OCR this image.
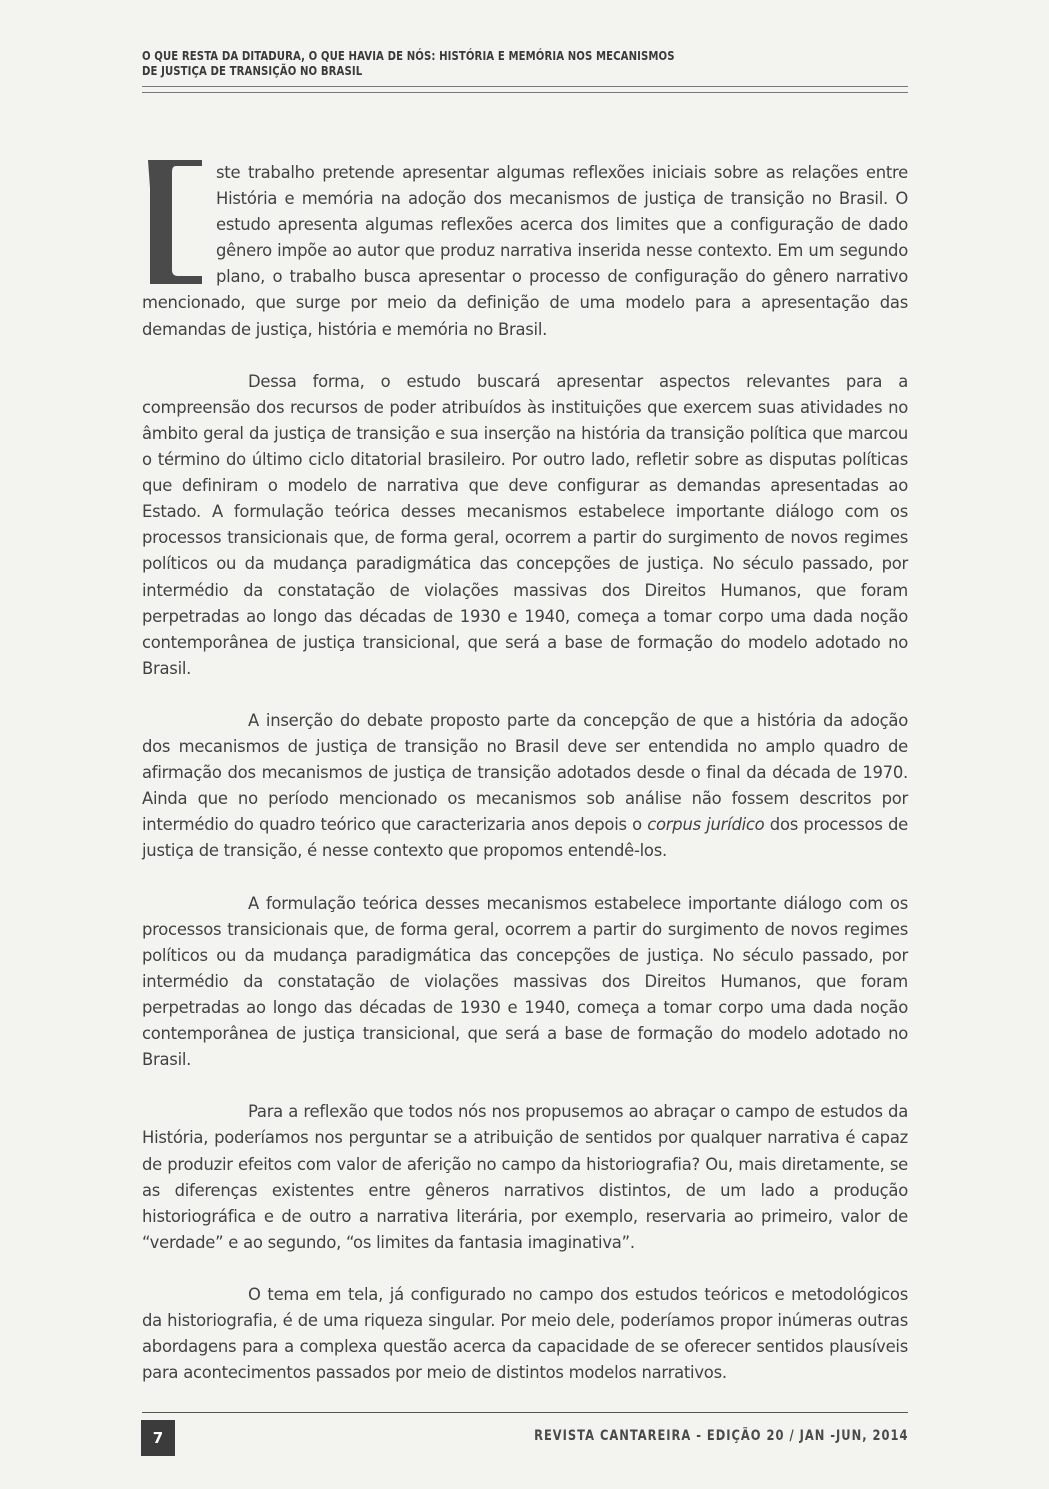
O QUE RESTA DA DITADURA, O QUE HAVIA DE NÓS: HISTÓRIA E MEMÓRIA NOS MECANISMOS DE JUSTIÇA DE TRANSIÇÃO NO BRASIL

ste trabalho pretende apresentar algumas reflexões iniciais sobre as relações entre História e memória na adoção dos mecanismos de justiça de transição no Brasil. O estudo apresenta algumas reflexões acerca dos limites que a configuração de dado gênero impõe ao autor que produz narrativa inserida nesse contexto. Em um segundo plano, o trabalho busca apresentar o processo de configuração do gênero narrativo mencionado, que surge por meio da definição de uma modelo para a apresentação das demandas de justiça, história e memória no Brasil.

Dessa forma, o estudo buscará apresentar aspectos relevantes para a compreensão dos recursos de poder atribuídos às instituições que exercem suas atividades no âmbito geral da justiça de transição e sua inserção na história da transição política que marcou o término do último ciclo ditatorial brasileiro. Por outro lado, refletir sobre as disputas políticas que definiram o modelo de narrativa que deve configurar as demandas apresentadas ao Estado. A formulação teórica desses mecanismos estabelece importante diálogo com os processos transicionais que, de forma geral, ocorrem a partir do surgimento de novos regimes políticos ou da mudança paradigmática das concepções de justiça. No século passado, por intermédio da constatação de violações massivas dos Direitos Humanos, que foram perpetradas ao longo das décadas de 1930 e 1940, começa a tomar corpo uma dada noção contemporânea de justiça transicional, que será a base de formação do modelo adotado no Brasil.

A inserção do debate proposto parte da concepção de que a história da adoção dos mecanismos de justiça de transição no Brasil deve ser entendida no amplo quadro de afirmação dos mecanismos de justiça de transição adotados desde o final da década de 1970. Ainda que no período mencionado os mecanismos sob análise não fossem descritos por intermédio do quadro teórico que caracterizaria anos depois o corpus jurídico dos processos de justiça de transição, é nesse contexto que propomos entendê-los.

A formulação teórica desses mecanismos estabelece importante diálogo com os processos transicionais que, de forma geral, ocorrem a partir do surgimento de novos regimes políticos ou da mudança paradigmática das concepções de justiça. No século passado, por intermédio da constatação de violações massivas dos Direitos Humanos, que foram perpetradas ao longo das décadas de 1930 e 1940, começa a tomar corpo uma dada noção contemporânea de justiça transicional, que será a base de formação do modelo adotado no Brasil.

Para a reflexão que todos nós nos propusemos ao abraçar o campo de estudos da História, poderíamos nos perguntar se a atribuição de sentidos por qualquer narrativa é capaz de produzir efeitos com valor de aferição no campo da historiografia? Ou, mais diretamente, se as diferenças existentes entre gêneros narrativos distintos, de um lado a produção historiográfica e de outro a narrativa literária, por exemplo, reservaria ao primeiro, valor de “verdade” e ao segundo, “os limites da fantasia imaginativa”.

O tema em tela, já configurado no campo dos estudos teóricos e metodológicos da historiografia, é de uma riqueza singular. Por meio dele, poderíamos propor inúmeras outras abordagens para a complexa questão acerca da capacidade de se oferecer sentidos plausíveis para acontecimentos passados por meio de distintos modelos narrativos.

7	REVISTA CANTAREIRA - EDIÇÃO 20 / JAN -JUN, 2014
